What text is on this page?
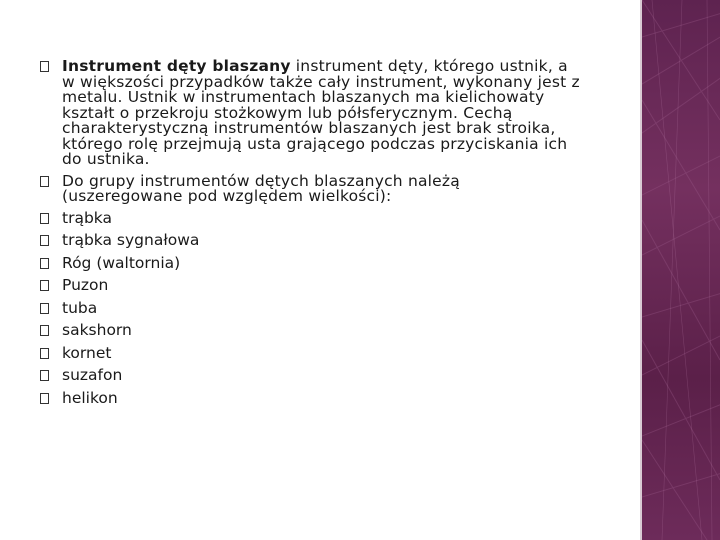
Instrument dęty blaszany instrument dęty, którego ustnik, a w większości przypadków także cały instrument, wykonany jest z metalu. Ustnik w instrumentach blaszanych ma kielichowaty kształt o przekroju stożkowym lub półsferycznym. Cechą charakterystyczną instrumentów blaszanych jest brak stroika, którego rolę przejmują usta grającego podczas przyciskania ich do ustnika.
Do grupy instrumentów dętych blaszanych należą (uszeregowane pod względem wielkości):
trąbka
trąbka sygnałowa
Róg (waltornia)
Puzon
tuba
sakshorn
kornet
suzafon
helikon
